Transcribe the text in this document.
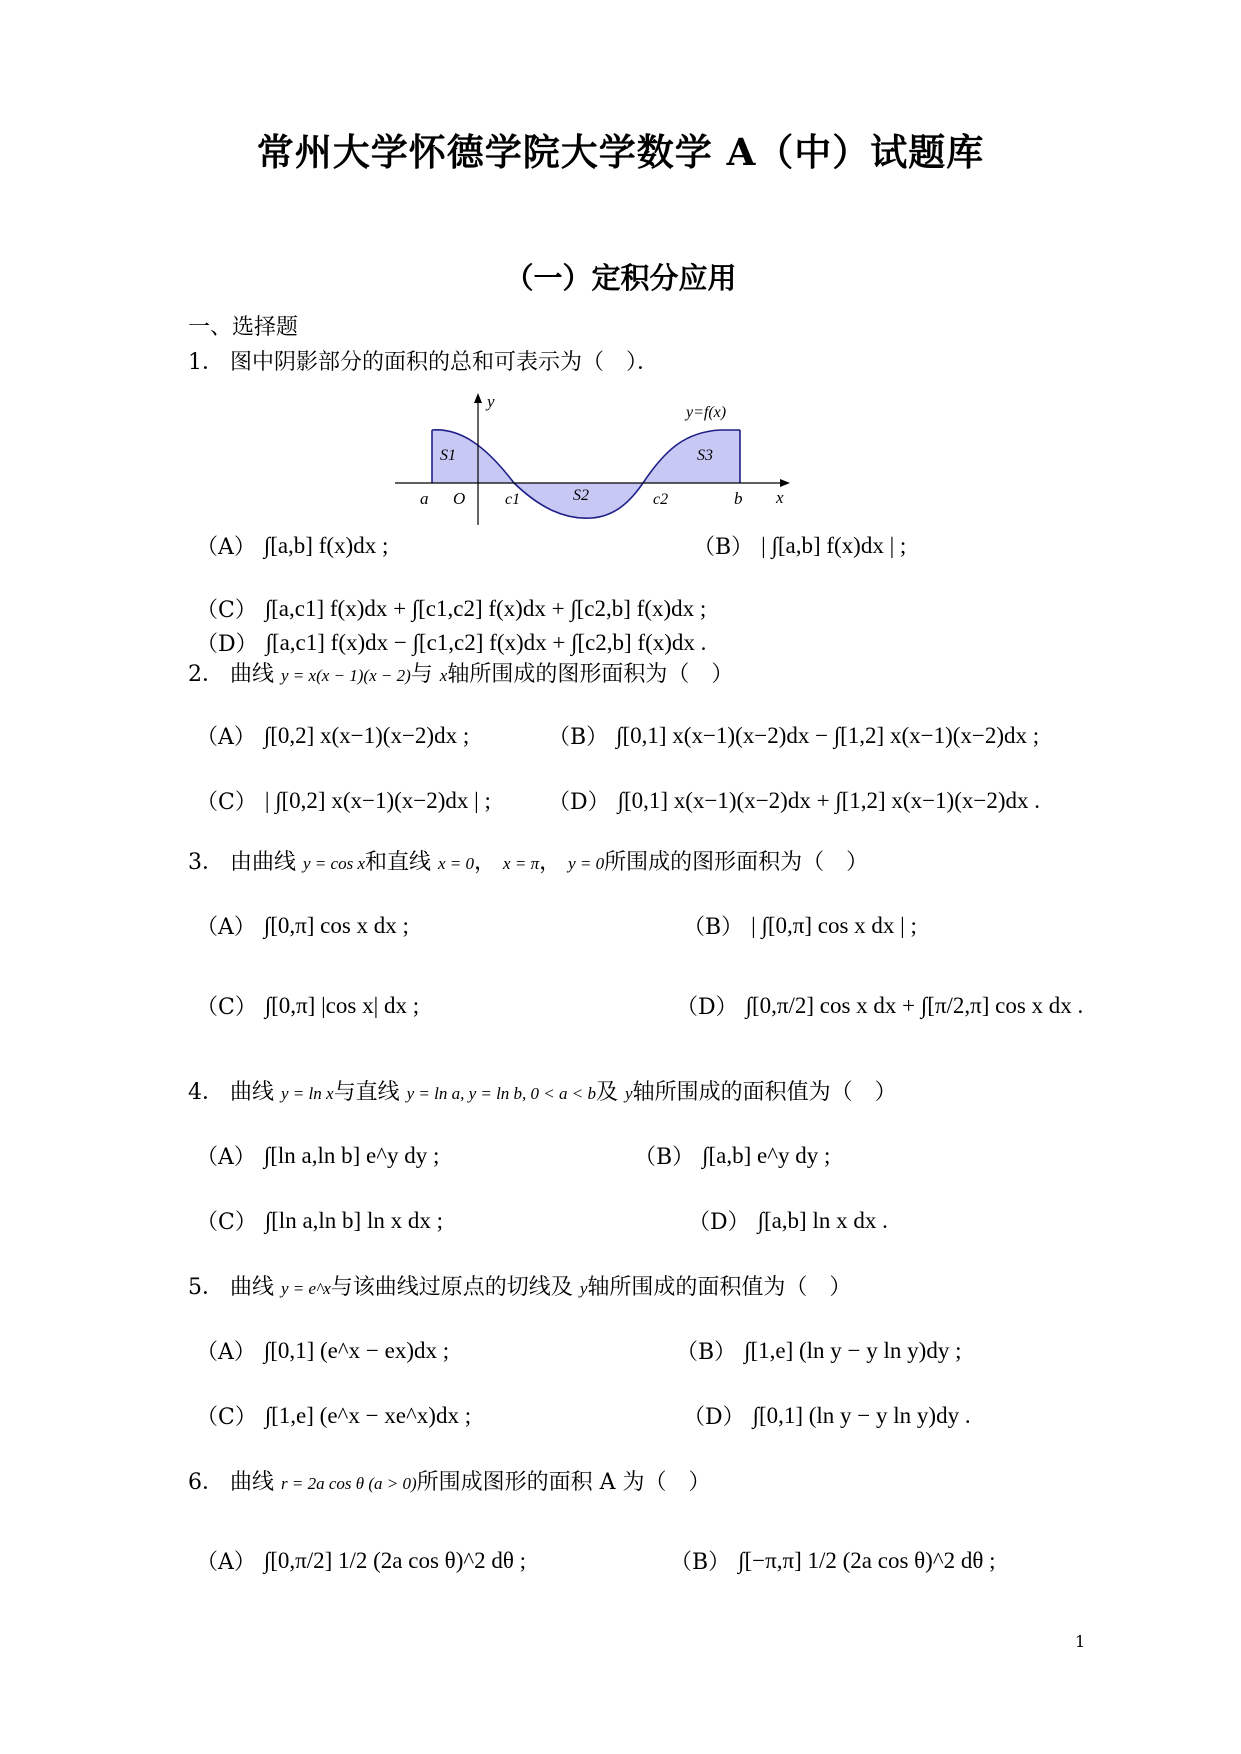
常州大学怀德学院大学数学 A（中）试题库
（一）定积分应用
一、选择题
1． 图中阴影部分的面积的总和可表示为（　）．
y
x
y=f(x)
S1
S2
S3
a O c1	c2	b
（A） ∫[a,b] f(x)dx ;	（B） | ∫[a,b] f(x)dx | ;
（C） ∫[a,c1] f(x)dx + ∫[c1,c2] f(x)dx + ∫[c2,b] f(x)dx ;
（D） ∫[a,c1] f(x)dx − ∫[c1,c2] f(x)dx + ∫[c2,b] f(x)dx .
2． 曲线 y = x(x − 1)(x − 2)与 x轴所围成的图形面积为（　）
（A） ∫[0,2] x(x−1)(x−2)dx ;	（B） ∫[0,1] x(x−1)(x−2)dx − ∫[1,2] x(x−1)(x−2)dx ;
（C） | ∫[0,2] x(x−1)(x−2)dx | ;	（D） ∫[0,1] x(x−1)(x−2)dx + ∫[1,2] x(x−1)(x−2)dx .
3． 由曲线 y = cos x和直线 x = 0， x = π， y = 0所围成的图形面积为（　）
（A） ∫[0,π] cos x dx ;	（B） | ∫[0,π] cos x dx | ;
（C） ∫[0,π] |cos x| dx ;	（D） ∫[0,π/2] cos x dx + ∫[π/2,π] cos x dx .
4． 曲线 y = ln x与直线 y = ln a, y = ln b, 0 < a < b及 y轴所围成的面积值为（　）
（A） ∫[ln a,ln b] e^y dy ;	（B） ∫[a,b] e^y dy ;
（C） ∫[ln a,ln b] ln x dx ;	（D） ∫[a,b] ln x dx .
5． 曲线 y = e^x与该曲线过原点的切线及 y轴所围成的面积值为（　）
（A） ∫[0,1] (e^x − ex)dx ;	（B） ∫[1,e] (ln y − y ln y)dy ;
（C） ∫[1,e] (e^x − xe^x)dx ;	（D） ∫[0,1] (ln y − y ln y)dy .
6． 曲线 r = 2a cos θ (a > 0)所围成图形的面积 A 为（　）
（A） ∫[0,π/2] 1/2 (2a cos θ)^2 dθ ;	（B） ∫[−π,π] 1/2 (2a cos θ)^2 dθ ;
1
